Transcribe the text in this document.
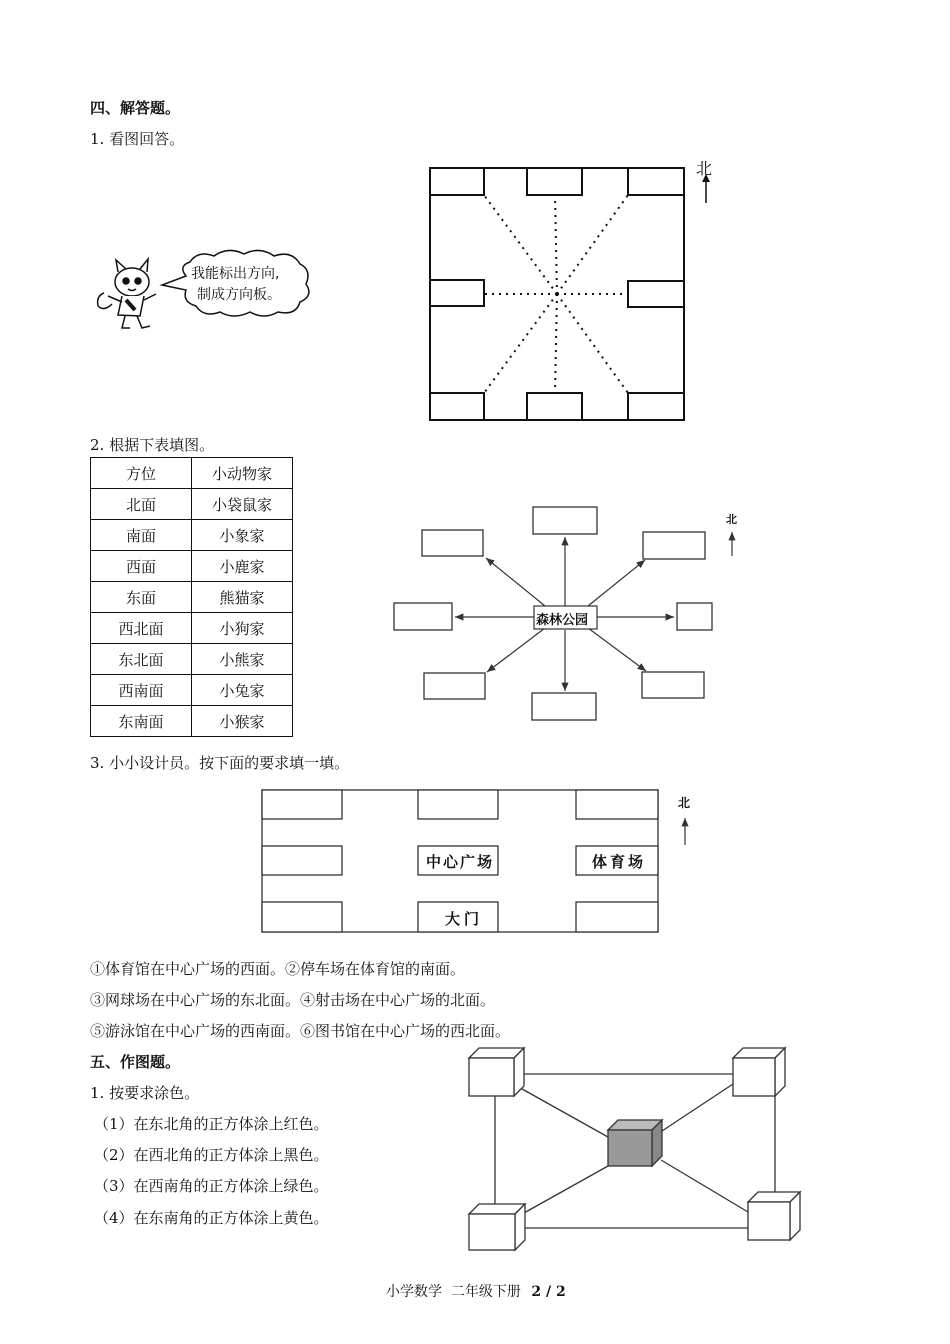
四、解答题。
1. 看图回答。
北
我能标出方向,
制成方向板。
2. 根据下表填图。
方位	小动物家
北面	小袋鼠家
南面	小象家
西面	小鹿家
东面	熊猫家
西北面	小狗家
东北面	小熊家
西南面	小兔家
东南面	小猴家
森林公园
北
3. 小小设计员。按下面的要求填一填。
中心广场	体育场
大门
北
①体育馆在中心广场的西面。②停车场在体育馆的南面。
③网球场在中心广场的东北面。④射击场在中心广场的北面。
⑤游泳馆在中心广场的西南面。⑥图书馆在中心广场的西北面。
五、作图题。
1. 按要求涂色。
（1）在东北角的正方体涂上红色。
（2）在西北角的正方体涂上黑色。
（3）在西南角的正方体涂上绿色。
（4）在东南角的正方体涂上黄色。
小学数学  二年级下册 2 / 2
